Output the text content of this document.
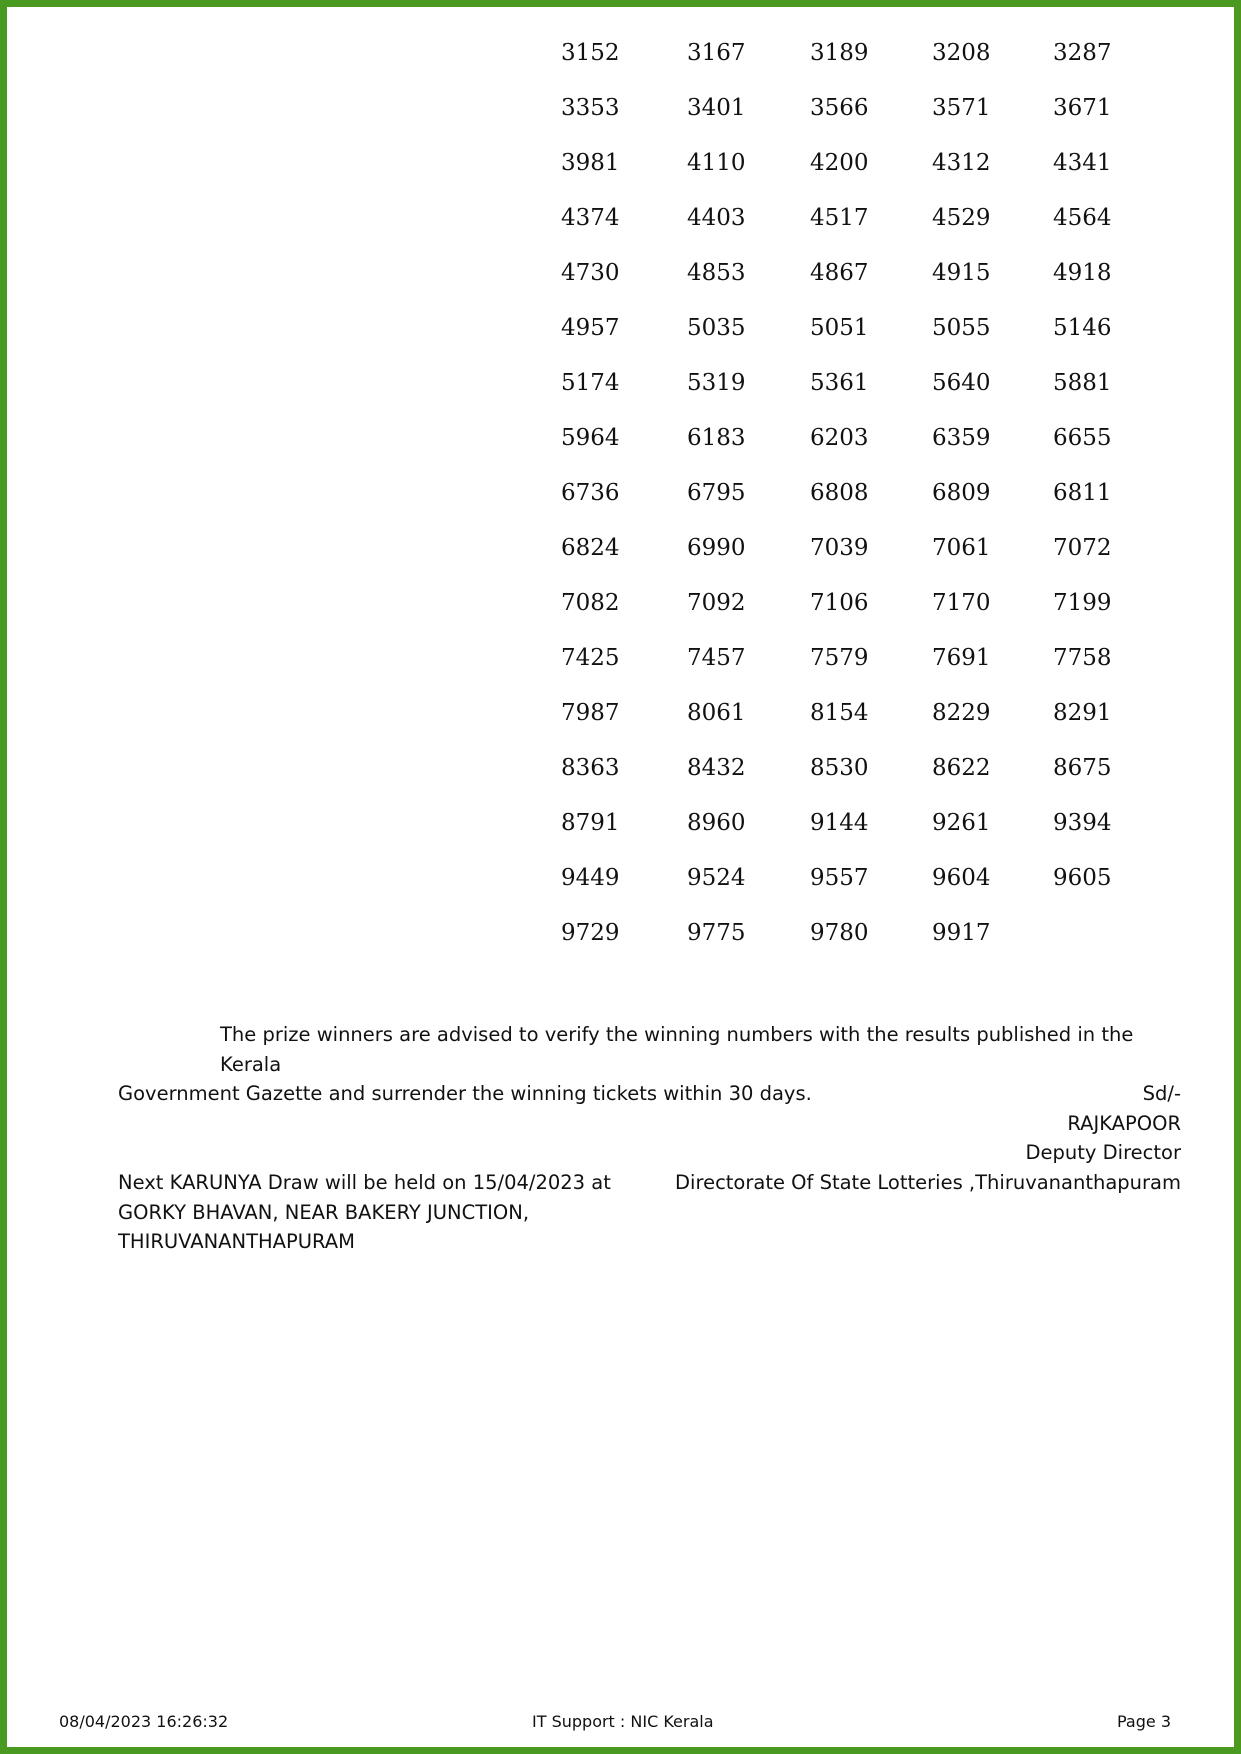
3152	3167	3189	3208	3287
3353	3401	3566	3571	3671
3981	4110	4200	4312	4341
4374	4403	4517	4529	4564
4730	4853	4867	4915	4918
4957	5035	5051	5055	5146
5174	5319	5361	5640	5881
5964	6183	6203	6359	6655
6736	6795	6808	6809	6811
6824	6990	7039	7061	7072
7082	7092	7106	7170	7199
7425	7457	7579	7691	7758
7987	8061	8154	8229	8291
8363	8432	8530	8622	8675
8791	8960	9144	9261	9394
9449	9524	9557	9604	9605
9729	9775	9780	9917
The prize winners are advised to verify the winning numbers with the results published in the Kerala
Government Gazette and surrender the winning tickets within 30 days.	Sd/-
RAJKAPOOR
Deputy Director
Directorate Of State Lotteries ,Thiruvananthapuram
Next KARUNYA Draw will be held on 15/04/2023 at
GORKY BHAVAN, NEAR BAKERY JUNCTION,
THIRUVANANTHAPURAM
08/04/2023 16:26:32	IT Support : NIC Kerala	Page 3
